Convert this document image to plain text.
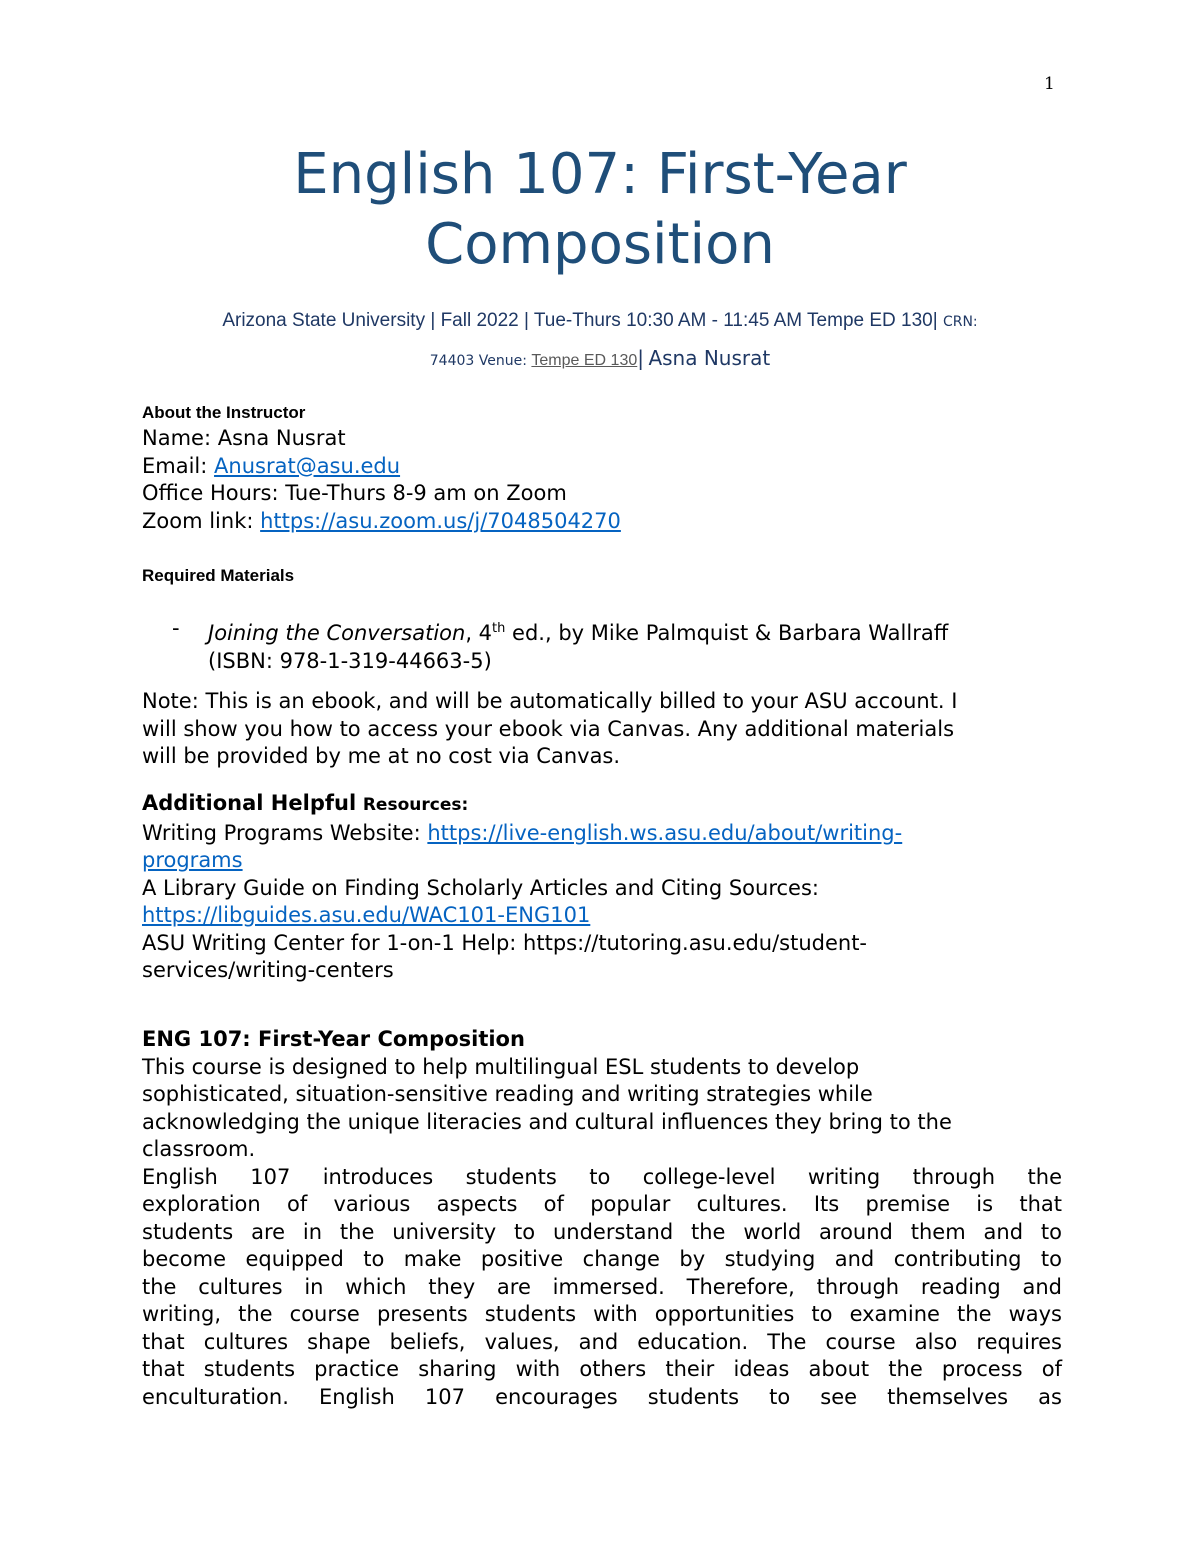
1
English 107: First-Year
Composition
Arizona State University | Fall 2022 | Tue-Thurs 10:30 AM - 11:45 AM Tempe ED 130| CRN:
74403 Venue: Tempe ED 130| Asna Nusrat
About the Instructor
Name: Asna Nusrat
Email: Anusrat@asu.edu
Office Hours: Tue-Thurs 8-9 am on Zoom
Zoom link: https://asu.zoom.us/j/7048504270
Required Materials
- Joining the Conversation, 4th ed., by Mike Palmquist & Barbara Wallraff
(ISBN: 978-1-319-44663-5)
Note: This is an ebook, and will be automatically billed to your ASU account. I
will show you how to access your ebook via Canvas. Any additional materials
will be provided by me at no cost via Canvas.
Additional Helpful Resources:
Writing Programs Website: https://live-english.ws.asu.edu/about/writing-
programs
A Library Guide on Finding Scholarly Articles and Citing Sources:
https://libguides.asu.edu/WAC101-ENG101
ASU Writing Center for 1-on-1 Help: https://tutoring.asu.edu/student-
services/writing-centers
ENG 107: First-Year Composition
This course is designed to help multilingual ESL students to develop
sophisticated, situation-sensitive reading and writing strategies while
acknowledging the unique literacies and cultural influences they bring to the
classroom.
English 107 introduces students to college-level writing through the
exploration of various aspects of popular cultures. Its premise is that
students are in the university to understand the world around them and to
become equipped to make positive change by studying and contributing to
the cultures in which they are immersed. Therefore, through reading and
writing, the course presents students with opportunities to examine the ways
that cultures shape beliefs, values, and education. The course also requires
that students practice sharing with others their ideas about the process of
enculturation. English 107 encourages students to see themselves as
